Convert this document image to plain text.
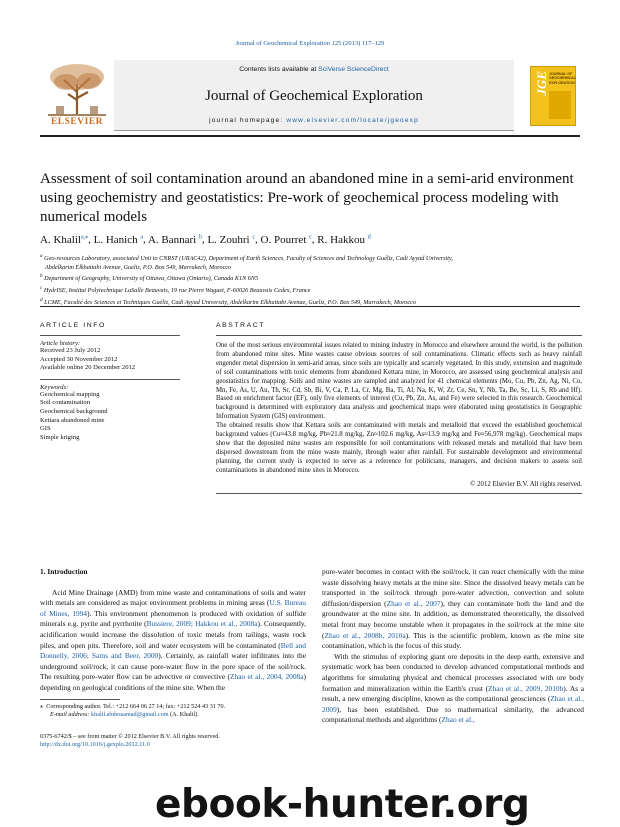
Journal of Geochemical Exploration 125 (2013) 117–129
ELSEVIER
Contents lists available at SciVerse ScienceDirect
Journal of Geochemical Exploration
journal homepage: www.elsevier.com/locate/jgeoexp
JGE JOURNAL OF GEOCHEMICAL EXPLORATION
Assessment of soil contamination around an abandoned mine in a semi-arid environment using geochemistry and geostatistics: Pre-work of geochemical process modeling with numerical models
A. Khalil$^{a,⁎}$, L. Hanich $^a$, A. Bannari $^b$, L. Zouhri $^c$, O. Pourret $^c$, R. Hakkou $^d$
$^a$ Geo-resources Laboratory, associated Unit to CNRST (URAC42), Department of Earth Sciences, Faculty of Sciences and Technology Guéliz, Cadi Ayyad University,
Abdelkarim Elkhattabi Avenue, Gueliz, P.O. Box 549, Marrakech, Morocco
$^b$ Department of Geography, University of Ottawa, Ottawa (Ontario), Canada K1N 6N5
$^c$ HydrISE, Institut Polytechnique LaSalle Beauvais, 19 rue Pierre Waguet, F-60026 Beauvais Cedex, France
$^d$ LCME, Faculté des Sciences et Techniques Guéliz, Cadi Ayyad University, Abdelkarim Elkhattabi Avenue, Gueliz, P.O. Box 549, Marrakech, Morocco
ARTICLE INFO
Article history:
Received 23 July 2012
Accepted 30 November 2012
Available online 20 December 2012
Keywords:
Geochemical mapping
Soil contamination
Geochemical background
Kettara abandoned mine
GIS
Simple kriging
ABSTRACT
One of the most serious environmental issues related to mining industry in Morocco and elsewhere around the world, is the pollution from abandoned mine sites. Mine wastes cause obvious sources of soil contaminations. Climatic effects such as heavy rainfall engender metal dispersion in semi-arid areas, since soils are typically and scarcely vegetated. In this study, extension and magnitude of soil contaminations with toxic elements from abandoned Kettara mine, in Morocco, are assessed using geochemical analysis and geostatistics for mapping. Soils and mine wastes are sampled and analyzed for 41 chemical elements (Mo, Cu, Pb, Zn, Ag, Ni, Co, Mn, Fe, As, U, Au, Th, Sr, Cd, Sb, Bi, V, Ca, P, La, Cr, Mg, Ba, Ti, Al, Na, K, W, Zr, Ce, Sn, Y, Nb, Ta, Be, Sc, Li, S, Rb and Hf). Based on enrichment factor (EF), only five elements of interest (Cu, Pb, Zn, As, and Fe) were selected in this research. Geochemical background is determined with exploratory data analysis and geochemical maps were elaborated using geostatistics in Geographic Information System (GIS) environment.
The obtained results show that Kettara soils are contaminated with metals and metalloid that exceed the established geochemical background values (Cu≈43.8 mg/kg, Pb≈21.8 mg/kg, Zn≈102.6 mg/kg, As≈13.9 mg/kg and Fe≈56,978 mg/kg). Geochemical maps show that the deposited mine wastes are responsible for soil contaminations with released metals and metalloid that have been dispersed downstream from the mine waste mainly, through water after rainfall. For sustainable development and environmental planning, the current study is expected to serve as a reference for politicians, managers, and decision makers to assess soil contaminations in abandoned mine sites in Morocco.
© 2012 Elsevier B.V. All rights reserved.
1. Introduction

Acid Mine Drainage (AMD) from mine waste and contaminations of soils and water with metals are considered as major environment problems in mining areas (U.S. Bureau of Mines, 1994). This environment phenomenon is produced with oxidation of sulfide minerals e.g. pyrite and pyrrhotite (Bussiere, 2009; Hakkou et al., 2008a). Consequently, acidification would increase the dissolution of toxic metals from tailings, waste rock piles, and open pits. Therefore, soil and water ecosystem will be contaminated (Bell and Donnelly, 2006; Sams and Beer, 2000). Certainly, as rainfall water infiltrates into the underground soil/rock, it can cause pore-water flow in the pore space of the soil/rock. The resulting pore-water flow can be advective or convective (Zhao et al., 2004, 2008a) depending on geological conditions of the mine site. When the

pore-water becomes in contact with the soil/rock, it can react chemically with the mine waste dissolving heavy metals at the mine site. Since the dissolved heavy metals can be transported in the soil/rock through pore-water advection, convection and solute diffusion/dispersion (Zhao et al., 2007), they can contaminate both the land and the groundwater at the mine site. In addition, as demonstrated theoretically, the dissolved metal front may become unstable when it propagates in the soil/rock at the mine site (Zhao et al., 2008b, 2010a). This is the scientific problem, known as the mine site contamination, which is the focus of this study.

With the stimulus of exploring giant ore deposits in the deep earth, extensive and systematic work has been conducted to develop advanced computational methods and algorithms for simulating physical and chemical processes associated with ore body formation and mineralization within the Earth's crust (Zhao et al., 2009, 2010b). As a result, a new emerging discipline, known as the computational geosciences (Zhao et al., 2009), has been established. Due to mathematical similarity, the advanced computational methods and algorithms (Zhao et al.,

⁎ Corresponding author. Tel.: +212 664 06 27 14; fax: +212 524 43 31 70.
E-mail address: khalil.abdessamad@gmail.com (A. Khalil).
0375-6742/$ – see front matter © 2012 Elsevier B.V. All rights reserved.
http://dx.doi.org/10.1016/j.gexplo.2012.11.0
ebook-hunter.org
